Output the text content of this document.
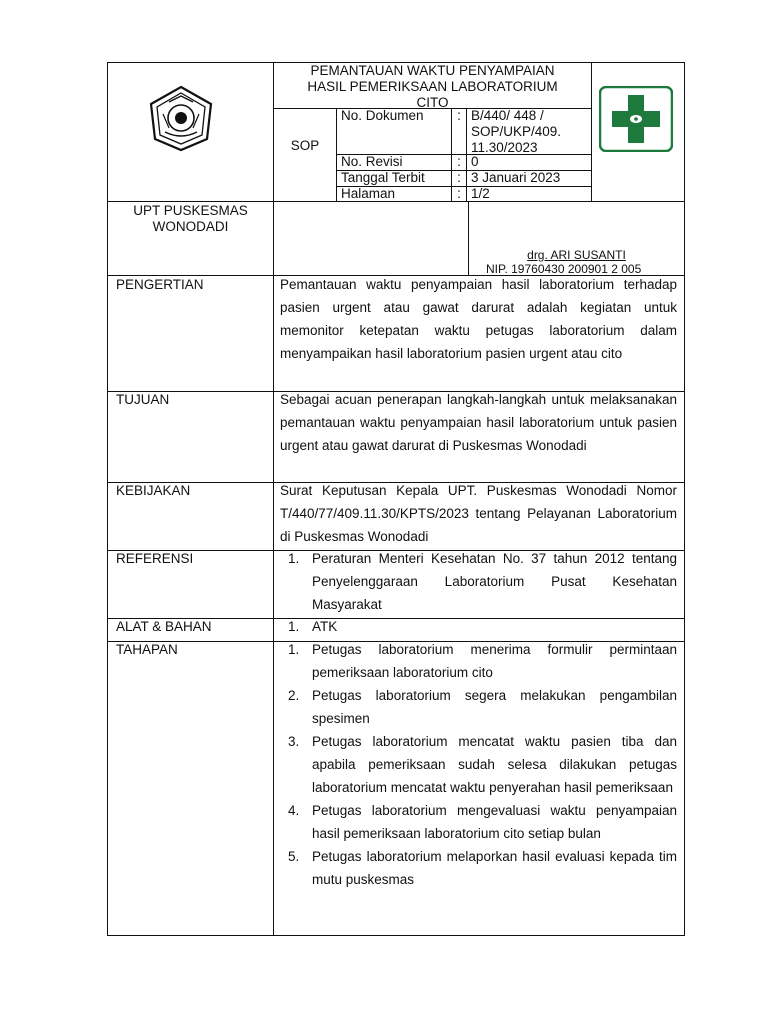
PEMANTAUAN WAKTU PENYAMPAIAN
HASIL PEMERIKSAAN LABORATORIUM
CITO
SOP
No. Dokumen
No. Revisi
Tanggal Terbit
Halaman
:
:
:
:
B/440/ 448 /
SOP/UKP/409.
11.30/2023
0
3 Januari 2023
1/2
UPT PUSKESMAS
WONODADI
drg. ARI SUSANTI
NIP. 19760430 200901 2 005
PENGERTIAN
TUJUAN
KEBIJAKAN
REFERENSI
ALAT & BAHAN
TAHAPAN
Pemantauan waktu penyampaian hasil laboratorium terhadap pasien urgent atau gawat darurat adalah kegiatan untuk memonitor ketepatan waktu petugas laboratorium dalam menyampaikan hasil laboratorium pasien urgent atau cito
Sebagai acuan penerapan langkah-langkah untuk melaksanakan pemantauan waktu penyampaian hasil laboratorium untuk pasien urgent atau gawat darurat di Puskesmas Wonodadi
Surat Keputusan Kepala UPT. Puskesmas Wonodadi Nomor T/440/77/409.11.30/KPTS/2023 tentang Pelayanan Laboratorium di Puskesmas Wonodadi
1. Peraturan Menteri Kesehatan No. 37 tahun 2012 tentang Penyelenggaraan Laboratorium Pusat Kesehatan Masyarakat
1. ATK
1. Petugas laboratorium menerima formulir permintaan pemeriksaan laboratorium cito
2. Petugas laboratorium segera melakukan pengambilan spesimen
3. Petugas laboratorium mencatat waktu pasien tiba dan apabila pemeriksaan sudah selesa dilakukan petugas laboratorium mencatat waktu penyerahan hasil pemeriksaan
4. Petugas laboratorium mengevaluasi waktu penyampaian hasil pemeriksaan laboratorium cito setiap bulan
5. Petugas laboratorium melaporkan hasil evaluasi kepada tim mutu puskesmas
